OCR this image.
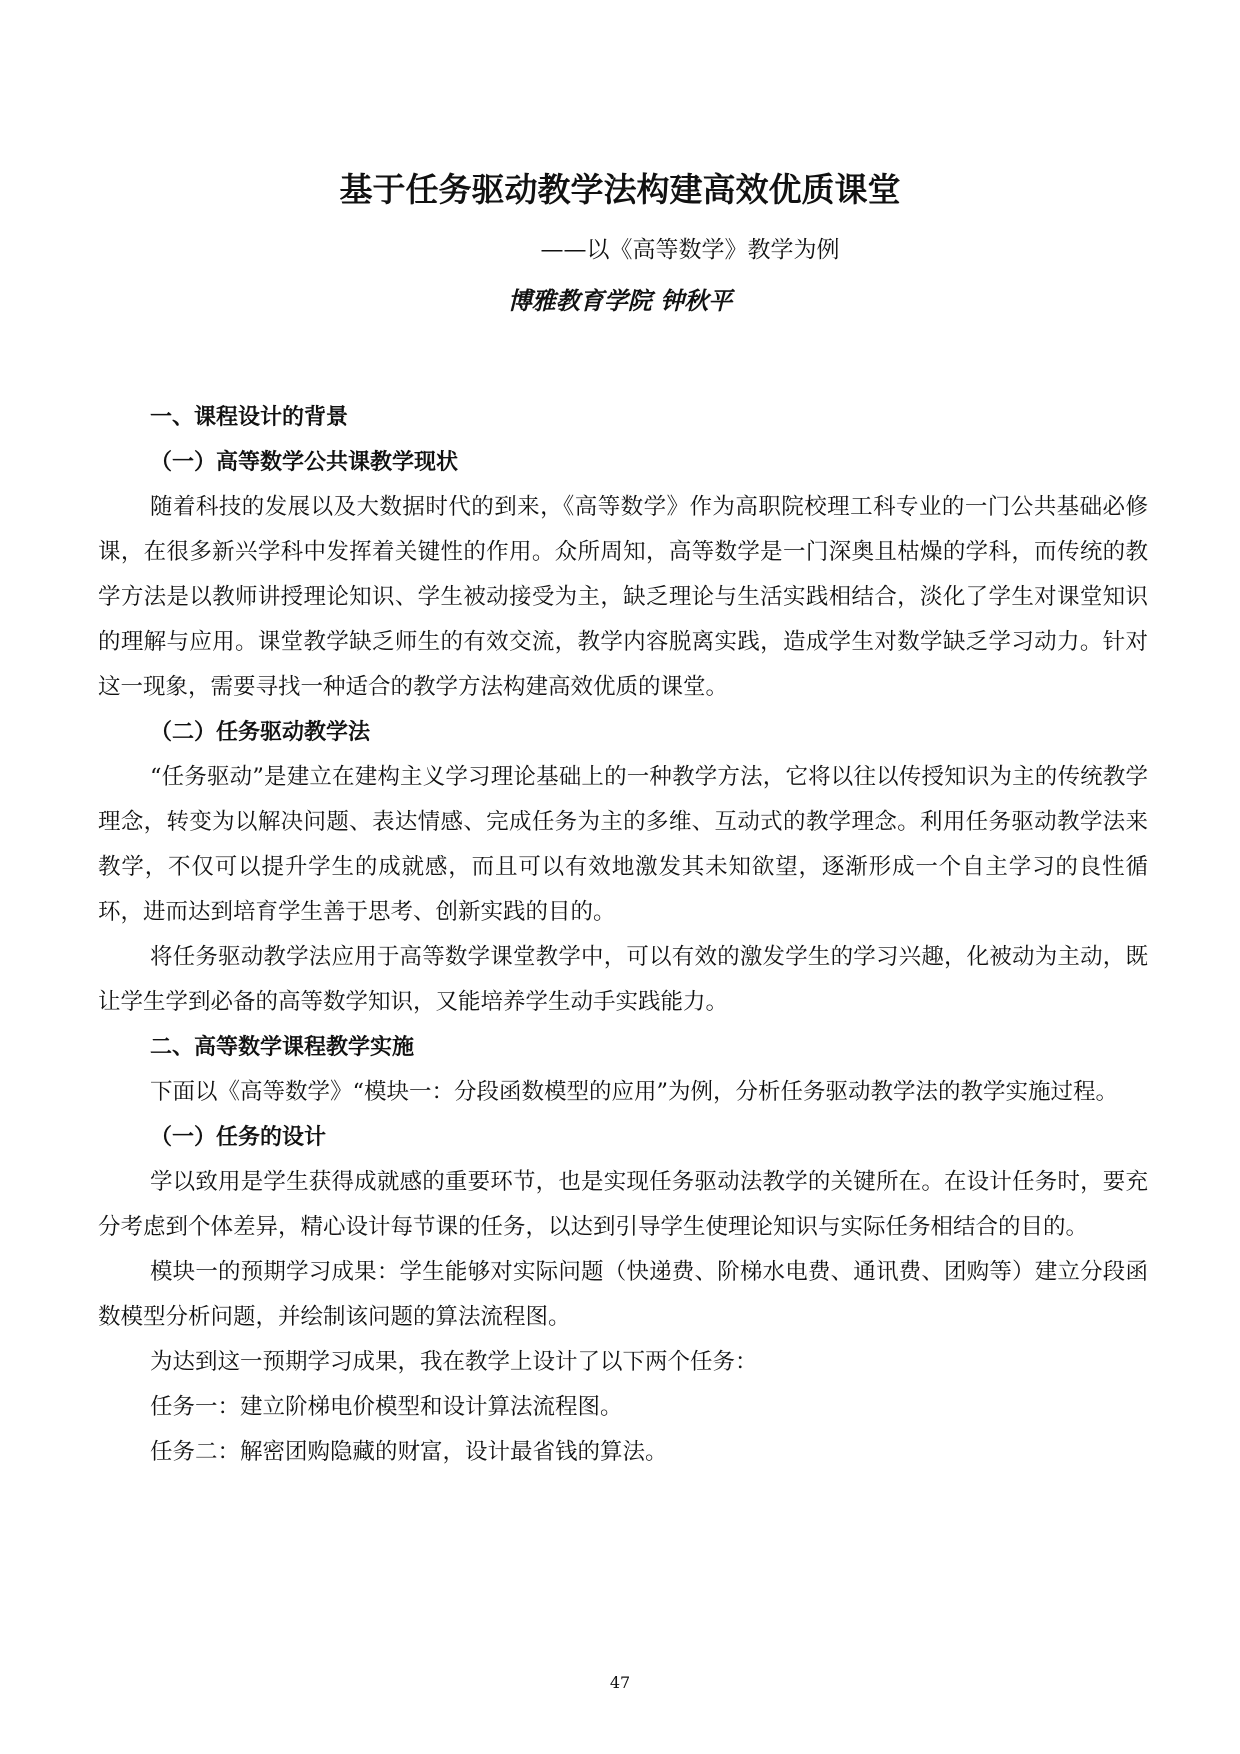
基于任务驱动教学法构建高效优质课堂
——以《高等数学》教学为例
博雅教育学院 钟秋平
一、课程设计的背景
（一）高等数学公共课教学现状

随着科技的发展以及大数据时代的到来，《高等数学》作为高职院校理工科专业的一门公共基础必修课，在很多新兴学科中发挥着关键性的作用。众所周知，高等数学是一门深奥且枯燥的学科，而传统的教学方法是以教师讲授理论知识、学生被动接受为主，缺乏理论与生活实践相结合，淡化了学生对课堂知识的理解与应用。课堂教学缺乏师生的有效交流，教学内容脱离实践，造成学生对数学缺乏学习动力。针对这一现象，需要寻找一种适合的教学方法构建高效优质的课堂。

（二）任务驱动教学法

“任务驱动”是建立在建构主义学习理论基础上的一种教学方法，它将以往以传授知识为主的传统教学理念，转变为以解决问题、表达情感、完成任务为主的多维、互动式的教学理念。利用任务驱动教学法来教学，不仅可以提升学生的成就感，而且可以有效地激发其未知欲望，逐渐形成一个自主学习的良性循环，进而达到培育学生善于思考、创新实践的目的。

将任务驱动教学法应用于高等数学课堂教学中，可以有效的激发学生的学习兴趣，化被动为主动，既让学生学到必备的高等数学知识，又能培养学生动手实践能力。

二、高等数学课程教学实施

下面以《高等数学》“模块一：分段函数模型的应用”为例，分析任务驱动教学法的教学实施过程。

（一）任务的设计

学以致用是学生获得成就感的重要环节，也是实现任务驱动法教学的关键所在。在设计任务时，要充分考虑到个体差异，精心设计每节课的任务，以达到引导学生使理论知识与实际任务相结合的目的。

模块一的预期学习成果：学生能够对实际问题（快递费、阶梯水电费、通讯费、团购等）建立分段函数模型分析问题，并绘制该问题的算法流程图。

为达到这一预期学习成果，我在教学上设计了以下两个任务：

任务一：建立阶梯电价模型和设计算法流程图。

任务二：解密团购隐藏的财富，设计最省钱的算法。

47
